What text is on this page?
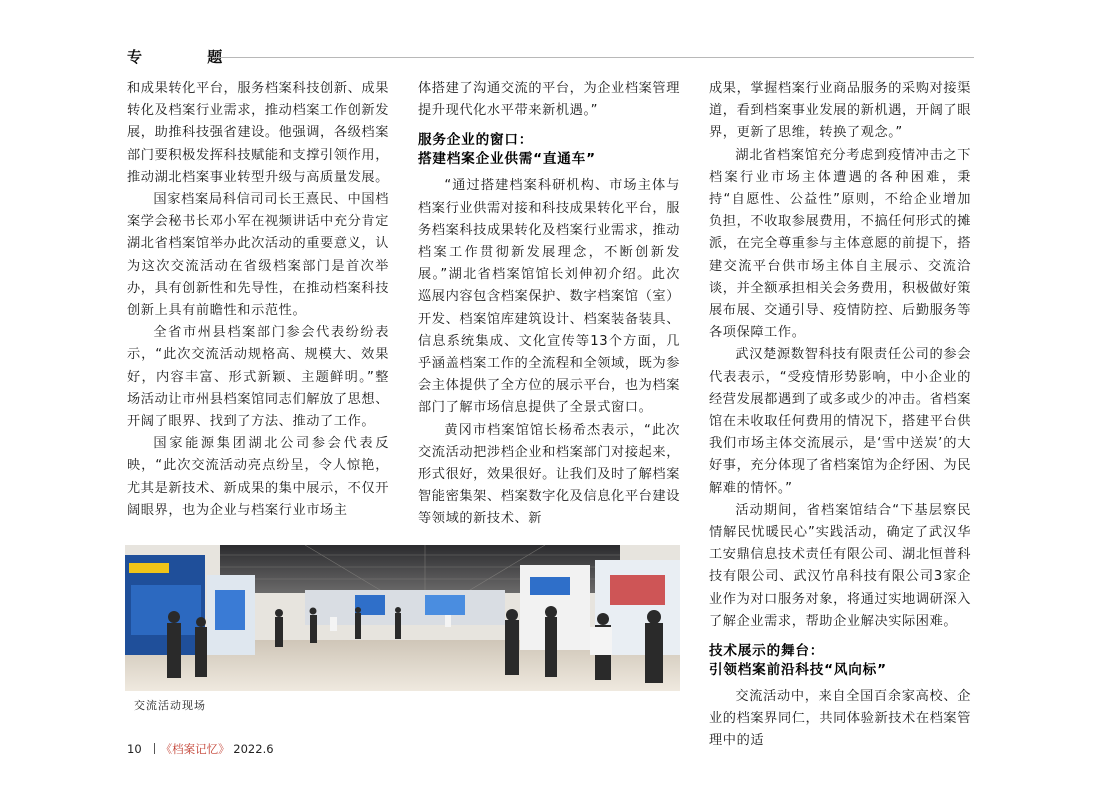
专 题

和成果转化平台，服务档案科技创新、成果转化及档案行业需求，推动档案工作创新发展，助推科技强省建设。他强调，各级档案部门要积极发挥科技赋能和支撑引领作用，推动湖北档案事业转型升级与高质量发展。

国家档案局科信司司长王熹民、中国档案学会秘书长邓小军在视频讲话中充分肯定湖北省档案馆举办此次活动的重要意义，认为这次交流活动在省级档案部门是首次举办，具有创新性和先导性，在推动档案科技创新上具有前瞻性和示范性。

全省市州县档案部门参会代表纷纷表示，“此次交流活动规格高、规模大、效果好，内容丰富、形式新颖、主题鲜明。”整场活动让市州县档案馆同志们解放了思想、开阔了眼界、找到了方法、推动了工作。

国家能源集团湖北公司参会代表反映，“此次交流活动亮点纷呈，令人惊艳，尤其是新技术、新成果的集中展示，不仅开阔眼界，也为企业与档案行业市场主

体搭建了沟通交流的平台，为企业档案管理提升现代化水平带来新机遇。”

服务企业的窗口：
搭建档案企业供需“直通车”

“通过搭建档案科研机构、市场主体与档案行业供需对接和科技成果转化平台，服务档案科技成果转化及档案行业需求，推动档案工作贯彻新发展理念，不断创新发展。”湖北省档案馆馆长刘伸初介绍。此次巡展内容包含档案保护、数字档案馆（室）开发、档案馆库建筑设计、档案装备装具、信息系统集成、文化宣传等13个方面，几乎涵盖档案工作的全流程和全领域，既为参会主体提供了全方位的展示平台，也为档案部门了解市场信息提供了全景式窗口。

黄冈市档案馆馆长杨希杰表示，“此次交流活动把涉档企业和档案部门对接起来，形式很好，效果很好。让我们及时了解档案智能密集架、档案数字化及信息化平台建设等领域的新技术、新

成果，掌握档案行业商品服务的采购对接渠道，看到档案事业发展的新机遇，开阔了眼界，更新了思维，转换了观念。”

湖北省档案馆充分考虑到疫情冲击之下档案行业市场主体遭遇的各种困难，秉持“自愿性、公益性”原则，不给企业增加负担，不收取参展费用，不搞任何形式的摊派，在完全尊重参与主体意愿的前提下，搭建交流平台供市场主体自主展示、交流洽谈，并全额承担相关会务费用，积极做好策展布展、交通引导、疫情防控、后勤服务等各项保障工作。

武汉楚源数智科技有限责任公司的参会代表表示，“受疫情形势影响，中小企业的经营发展都遇到了或多或少的冲击。省档案馆在未收取任何费用的情况下，搭建平台供我们市场主体交流展示，是‘雪中送炭’的大好事，充分体现了省档案馆为企纾困、为民解难的情怀。”

活动期间，省档案馆结合“下基层察民情解民忧暖民心”实践活动，确定了武汉华工安鼎信息技术责任有限公司、湖北恒普科技有限公司、武汉竹帛科技有限公司3家企业作为对口服务对象，将通过实地调研深入了解企业需求，帮助企业解决实际困难。

技术展示的舞台：
引领档案前沿科技“风向标”

交流活动中，来自全国百余家高校、企业的档案界同仁，共同体验新技术在档案管理中的适

交流活动现场
10 《档案记忆》 2022.6
